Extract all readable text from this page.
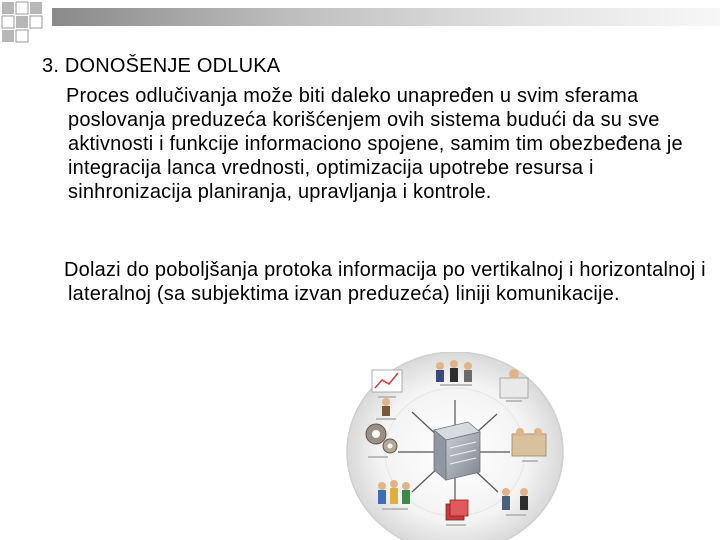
3. DONOŠENJE ODLUKA

Proces odlučivanja može biti daleko unapređen u svim sferama poslovanja preduzeća korišćenjem ovih sistema budući da su sve aktivnosti i funkcije informaciono spojene, samim tim obezbeđena je integracija lanca vrednosti, optimizacija upotrebe resursa i sinhronizacija planiranja, upravljanja i kontrole.

Dolazi do poboljšanja protoka informacija po vertikalnoj i horizontalnoj i lateralnoj (sa subjektima izvan preduzeća) liniji komunikacije.
